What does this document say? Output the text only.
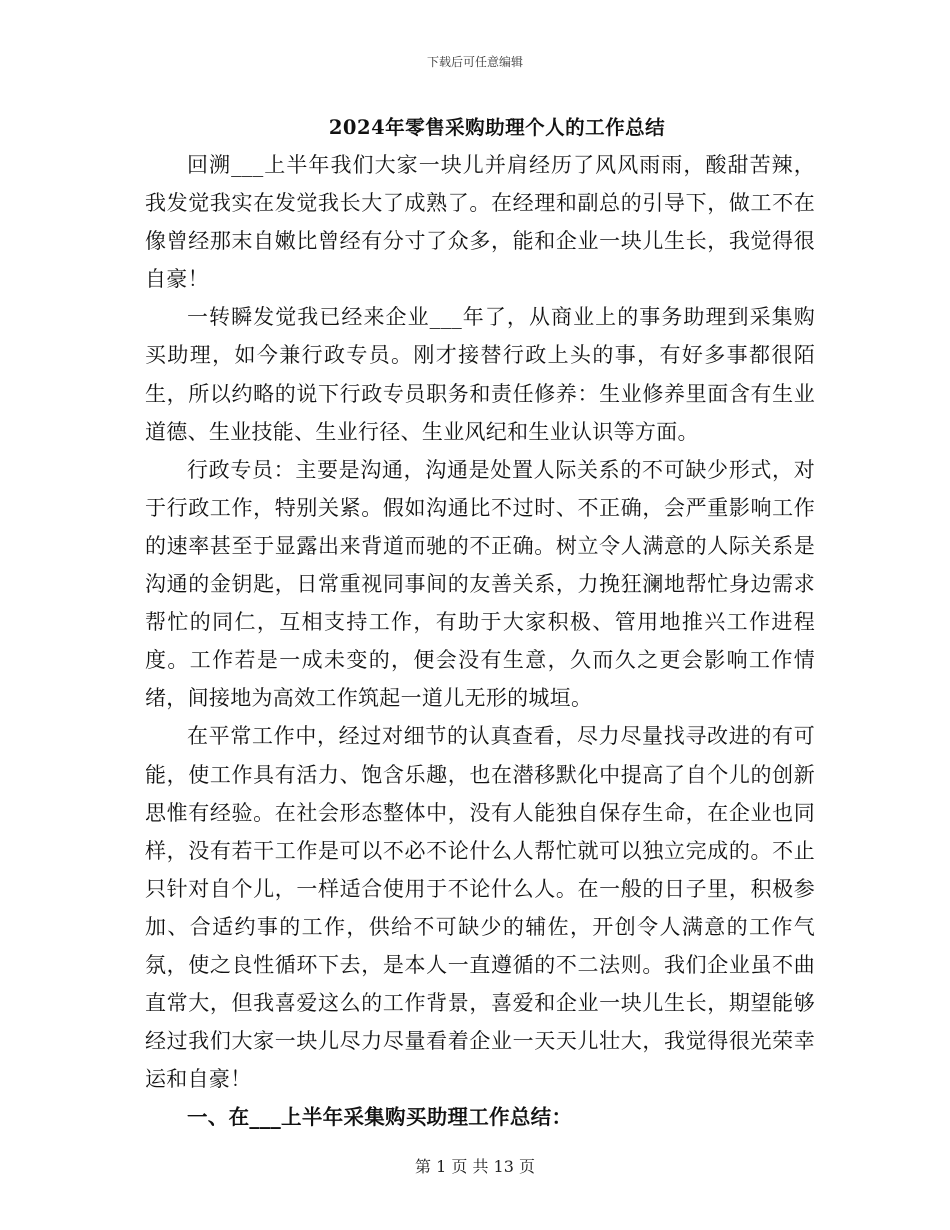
下载后可任意编辑
2024年零售采购助理个人的工作总结

回溯___上半年我们大家一块儿并肩经历了风风雨雨，酸甜苦辣，我发觉我实在发觉我长大了成熟了。在经理和副总的引导下，做工不在像曾经那末自嫩比曾经有分寸了众多，能和企业一块儿生长，我觉得很自豪！

一转瞬发觉我已经来企业___年了，从商业上的事务助理到采集购买助理，如今兼行政专员。刚才接替行政上头的事，有好多事都很陌生，所以约略的说下行政专员职务和责任修养：生业修养里面含有生业道德、生业技能、生业行径、生业风纪和生业认识等方面。

行政专员：主要是沟通，沟通是处置人际关系的不可缺少形式，对于行政工作，特别关紧。假如沟通比不过时、不正确，会严重影响工作的速率甚至于显露出来背道而驰的不正确。树立令人满意的人际关系是沟通的金钥匙，日常重视同事间的友善关系，力挽狂澜地帮忙身边需求帮忙的同仁，互相支持工作，有助于大家积极、管用地推兴工作进程度。工作若是一成未变的，便会没有生意，久而久之更会影响工作情绪，间接地为高效工作筑起一道儿无形的城垣。

在平常工作中，经过对细节的认真查看，尽力尽量找寻改进的有可能，使工作具有活力、饱含乐趣，也在潜移默化中提高了自个儿的创新思惟有经验。在社会形态整体中，没有人能独自保存生命，在企业也同样，没有若干工作是可以不必不论什么人帮忙就可以独立完成的。不止只针对自个儿，一样适合使用于不论什么人。在一般的日子里，积极参加、合适约事的工作，供给不可缺少的辅佐，开创令人满意的工作气氛，使之良性循环下去，是本人一直遵循的不二法则。我们企业虽不曲直常大，但我喜爱这么的工作背景，喜爱和企业一块儿生长，期望能够经过我们大家一块儿尽力尽量看着企业一天天儿壮大，我觉得很光荣幸运和自豪！

一、在___上半年采集购买助理工作总结：

第 1 页 共 13 页
